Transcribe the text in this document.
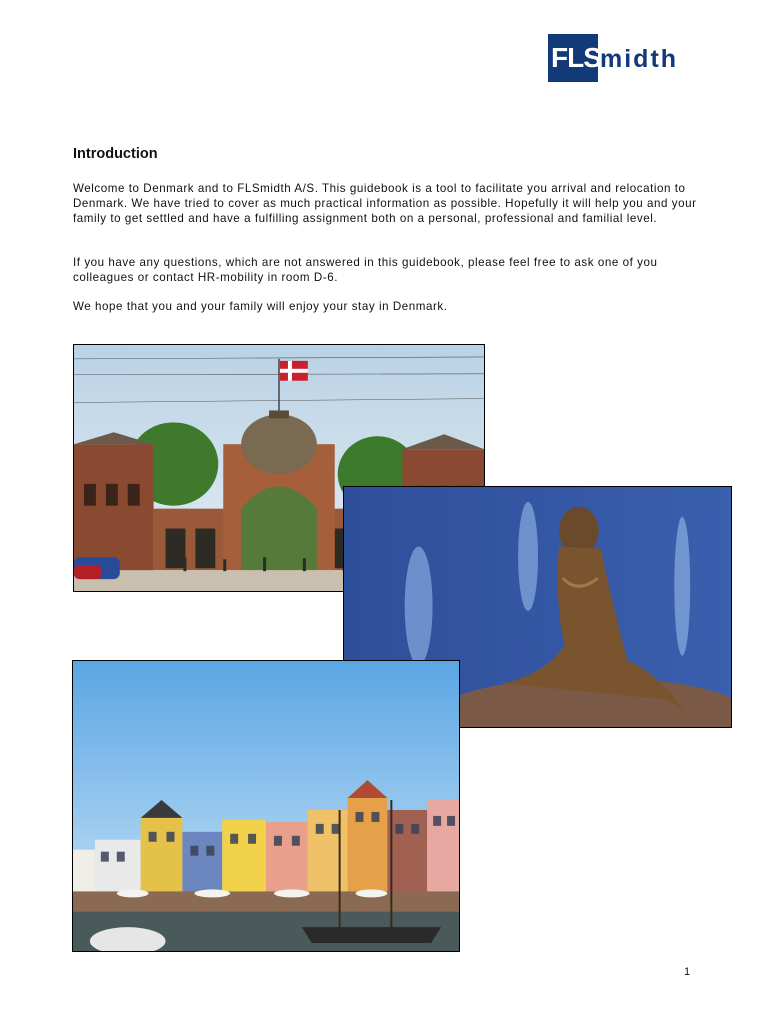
FLS midth
Introduction

Welcome to Denmark and to FLSmidth A/S. This guidebook is a tool to facilitate you arrival and relocation to Denmark. We have tried to cover as much practical information as possible. Hopefully it will help you and your family to get settled and have a fulfilling assignment both on a personal, professional and familial level.

If you have any questions, which are not answered in this guidebook, please feel free to ask one of you colleagues or contact HR-mobility in room D-6.

We hope that you and your family will enjoy your stay in Denmark.

1
